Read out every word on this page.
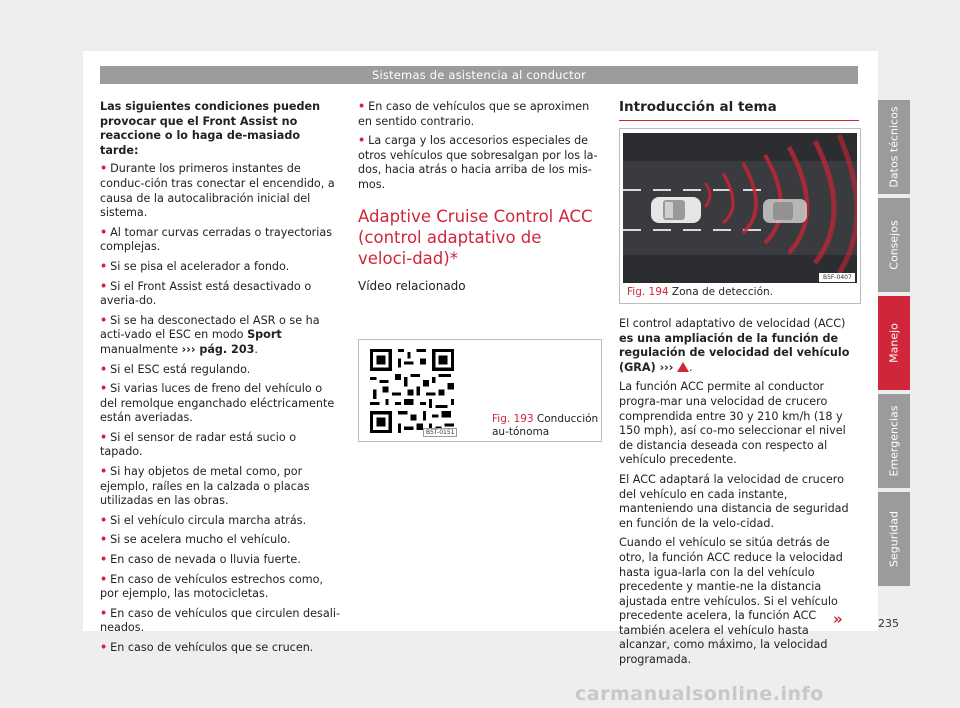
Sistemas de asistencia al conductor

Las siguientes condiciones pueden provocar que el Front Assist no reaccione o lo haga de-masiado tarde:

• Durante los primeros instantes de conduc-ción tras conectar el encendido, a causa de la autocalibración inicial del sistema.
• Al tomar curvas cerradas o trayectorias complejas.
• Si se pisa el acelerador a fondo.
• Si el Front Assist está desactivado o averia-do.
• Si se ha desconectado el ASR o se ha acti-vado el ESC en modo Sport manualmente ››› pág. 203.
• Si el ESC está regulando.
• Si varias luces de freno del vehículo o del remolque enganchado eléctricamente están averiadas.
• Si el sensor de radar está sucio o tapado.
• Si hay objetos de metal como, por ejemplo, raíles en la calzada o placas utilizadas en las obras.
• Si el vehículo circula marcha atrás.
• Si se acelera mucho el vehículo.
• En caso de nevada o lluvia fuerte.
• En caso de vehículos estrechos como, por ejemplo, las motocicletas.
• En caso de vehículos que circulen desali-neados.
• En caso de vehículos que se crucen.
• En caso de vehículos que se aproximen en sentido contrario.
• La carga y los accesorios especiales de otros vehículos que sobresalgan por los la-dos, hacia atrás o hacia arriba de los mis-mos.
Adaptive Cruise Control ACC (control adaptativo de veloci-dad)*
Vídeo relacionado
B5T-0151
Fig. 193 Conducción au-tónoma
Introducción al tema
B5F-0407
Fig. 194 Zona de detección.

El control adaptativo de velocidad (ACC) es una ampliación de la función de regulación de velocidad del vehículo (GRA) ››› .

La función ACC permite al conductor progra-mar una velocidad de crucero comprendida entre 30 y 210 km/h (18 y 150 mph), así co-mo seleccionar el nivel de distancia deseada con respecto al vehículo precedente.

El ACC adaptará la velocidad de crucero del vehículo en cada instante, manteniendo una distancia de seguridad en función de la velo-cidad.

Cuando el vehículo se sitúa detrás de otro, la función ACC reduce la velocidad hasta igua-larla con la del vehículo precedente y mantie-ne la distancia ajustada entre vehículos. Si el vehículo precedente acelera, la función ACC también acelera el vehículo hasta alcanzar, como máximo, la velocidad programada.

»
Datos técnicos
Consejos
Manejo
Emergencias
Seguridad
235
carmanualsonline.info
